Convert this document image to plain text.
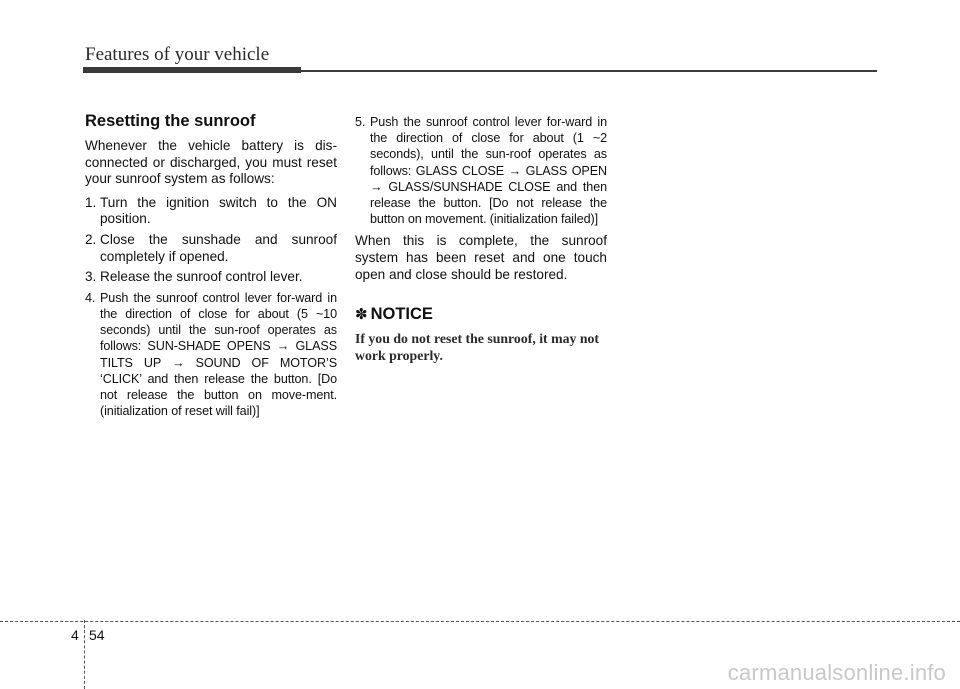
Features of your vehicle
Resetting the sunroof

Whenever the vehicle battery is dis-connected or discharged, you must reset your sunroof system as follows:

1. Turn the ignition switch to the ON position.
2. Close the sunshade and sunroof completely if opened.
3. Release the sunroof control lever.
4. Push the sunroof control lever for-ward in the direction of close for about (5 ~10 seconds) until the sun-roof operates as follows: SUN-SHADE OPENS → GLASS TILTS UP → SOUND OF MOTOR’S ‘CLICK’ and then release the button. [Do not release the button on move-ment. (initialization of reset will fail)]
5. Push the sunroof control lever for-ward in the direction of close for about (1 ~2 seconds), until the sun-roof operates as follows: GLASS CLOSE → GLASS OPEN → GLASS/SUNSHADE CLOSE and then release the button. [Do not release the button on movement. (initialization failed)]

When this is complete, the sunroof system has been reset and one touch open and close should be restored.

✽ NOTICE

If you do not reset the sunroof, it may not work properly.

4 54
carmanualsonline.info
